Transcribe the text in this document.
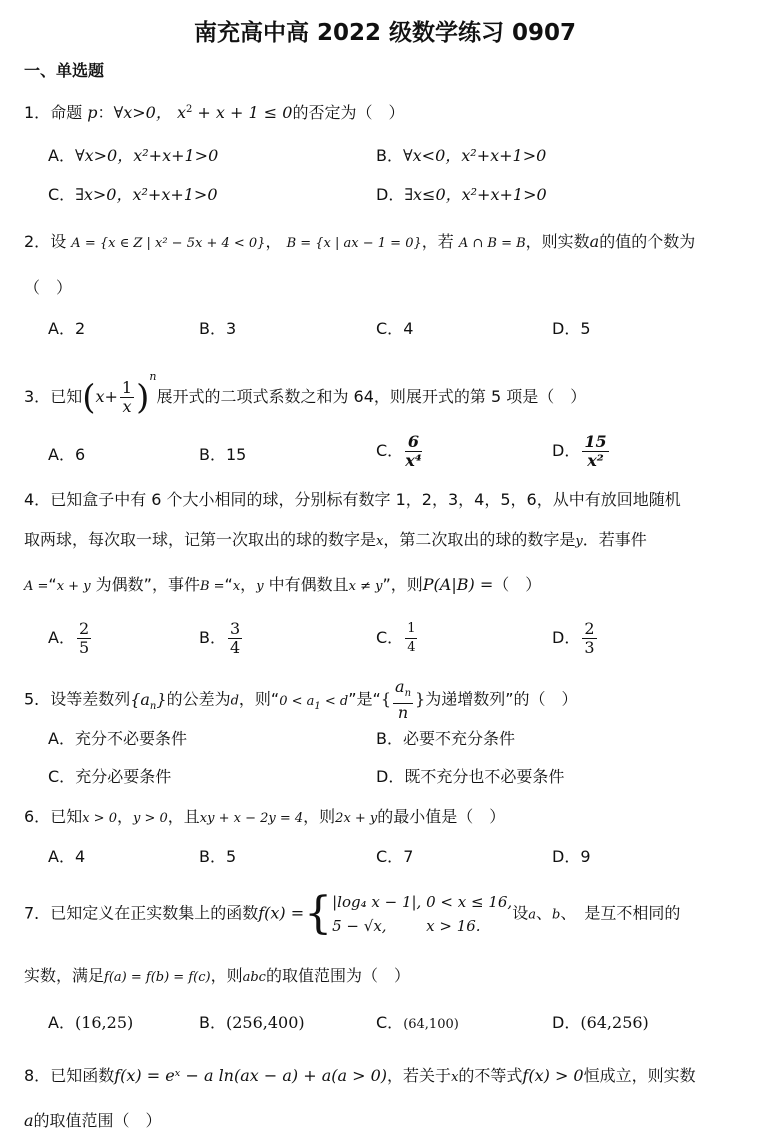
南充高中高 2022 级数学练习 0907
一、单选题
1．命题 p：∀x>0， $x^2 + x + 1 \le 0$的否定为（　）
A．∀x>0，x²+x+1>0	B．∀x<0，x²+x+1>0
C．∃x>0，x²+x+1>0	D．∃x≤0，x²+x+1>0
2．设 A = {x ∈ Z | x² − 5x + 4 < 0}， B = {x | ax − 1 = 0}，若 A ∩ B = B，则实数a的值的个数为
（　）
A．2	B．3	C．4	D．5
3．已知$(x+ \frac{1}{x} )^n$展开式的二项式系数之和为 64，则展开式的第 5 项是（　）
A．6	B．15	C． $\frac{6}{\text{x⁴}}$	D． $\frac{15}{\text{x²}}$
4．已知盒子中有 6 个大小相同的球，分别标有数字 1，2，3，4，5，6，从中有放回地随机
取两球，每次取一球，记第一次取出的球的数字是x，第二次取出的球的数字是y．若事件
A =“x + y 为偶数”，事件B =“x，y 中有偶数且x ≠ y”，则P(A|B) =（　）
A． $\frac{2}{5}$	B． $\frac{3}{4}$	C． $\frac{1}{4}$	D． $\frac{2}{3}$
5．设等差数列$\{a_n\}$的公差为d，则“$0 < a_1 < d$”是“{ $\frac{a_n}{n}$ }为递增数列”的（　）
A．充分不必要条件	B．必要不充分条件
C．充分必要条件	D．既不充分也不必要条件
6．已知x > 0，y > 0，且xy + x − 2y = 4，则2x + y的最小值是（　）
A．4	B．5	C．7	D．9
7．已知定义在正实数集上的函数f(x) ={ |log₄ x − 1|, 0 < x ≤ 16,
5 − √x,	x > 16.
设a、b、　是互不相同的
实数，满足f(a) = f(b) = f(c)，则abc的取值范围为（　）
A．(16,25)	B．(256,400)	C．(64,100)	D．(64,256)
8．已知函数f(x) = eˣ − a ln(ax − a) + a(a > 0)，若关于x的不等式f(x) > 0恒成立，则实数
a的取值范围（　）
